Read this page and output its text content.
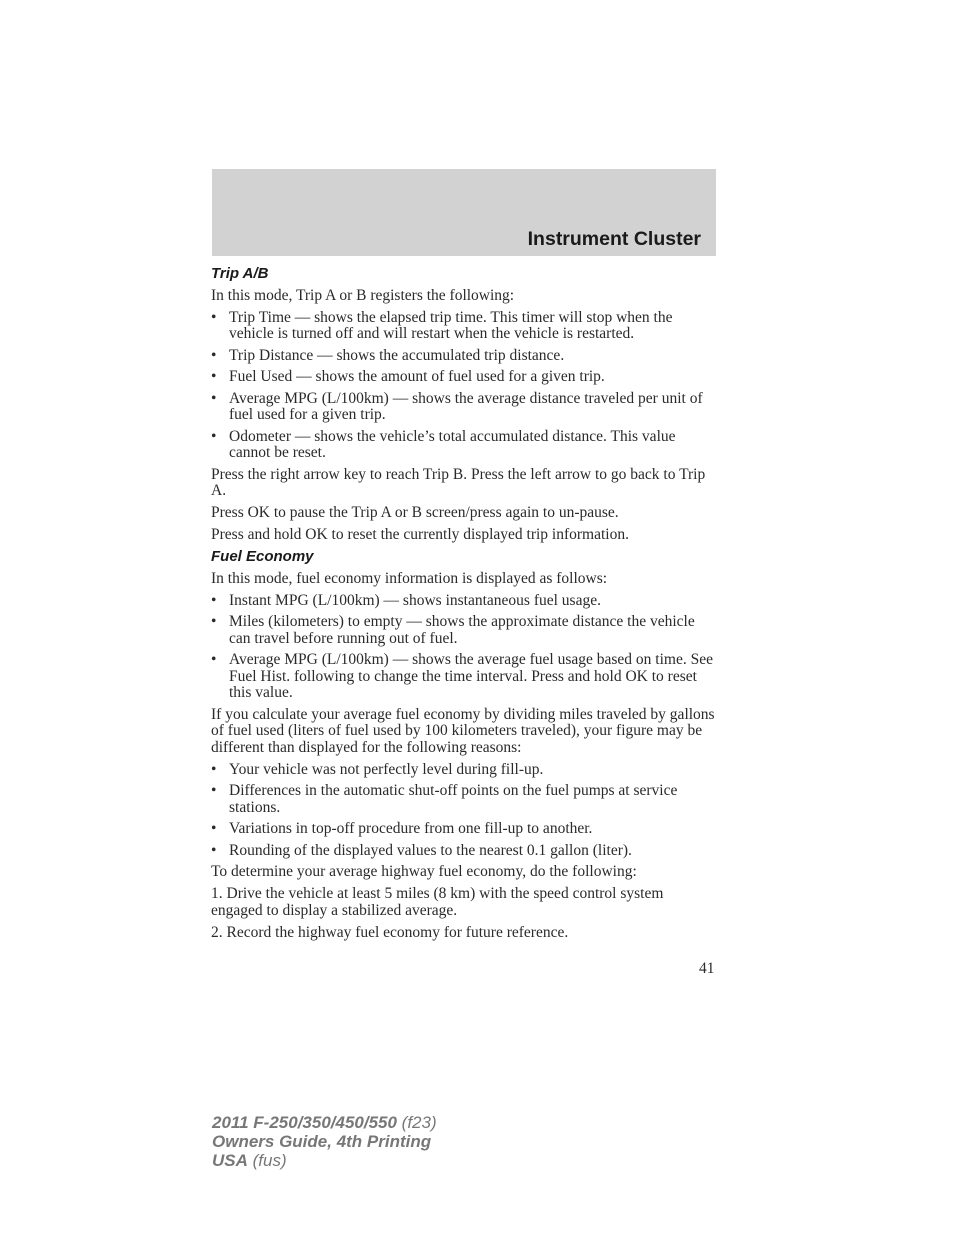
Instrument Cluster
Trip A/B
In this mode, Trip A or B registers the following:
• Trip Time — shows the elapsed trip time. This timer will stop when the vehicle is turned off and will restart when the vehicle is restarted.
• Trip Distance — shows the accumulated trip distance.
• Fuel Used — shows the amount of fuel used for a given trip.
• Average MPG (L/100km) — shows the average distance traveled per unit of fuel used for a given trip.
• Odometer — shows the vehicle’s total accumulated distance. This value cannot be reset.
Press the right arrow key to reach Trip B. Press the left arrow to go back to Trip A.
Press OK to pause the Trip A or B screen/press again to un-pause.
Press and hold OK to reset the currently displayed trip information.
Fuel Economy
In this mode, fuel economy information is displayed as follows:
• Instant MPG (L/100km) — shows instantaneous fuel usage.
• Miles (kilometers) to empty — shows the approximate distance the vehicle can travel before running out of fuel.
• Average MPG (L/100km) — shows the average fuel usage based on time. See Fuel Hist. following to change the time interval. Press and hold OK to reset this value.
If you calculate your average fuel economy by dividing miles traveled by gallons of fuel used (liters of fuel used by 100 kilometers traveled), your figure may be different than displayed for the following reasons:
• Your vehicle was not perfectly level during fill-up.
• Differences in the automatic shut-off points on the fuel pumps at service stations.
• Variations in top-off procedure from one fill-up to another.
• Rounding of the displayed values to the nearest 0.1 gallon (liter).
To determine your average highway fuel economy, do the following:
1. Drive the vehicle at least 5 miles (8 km) with the speed control system engaged to display a stabilized average.
2. Record the highway fuel economy for future reference.
41
2011 F-250/350/450/550 (f23)
Owners Guide, 4th Printing
USA (fus)
